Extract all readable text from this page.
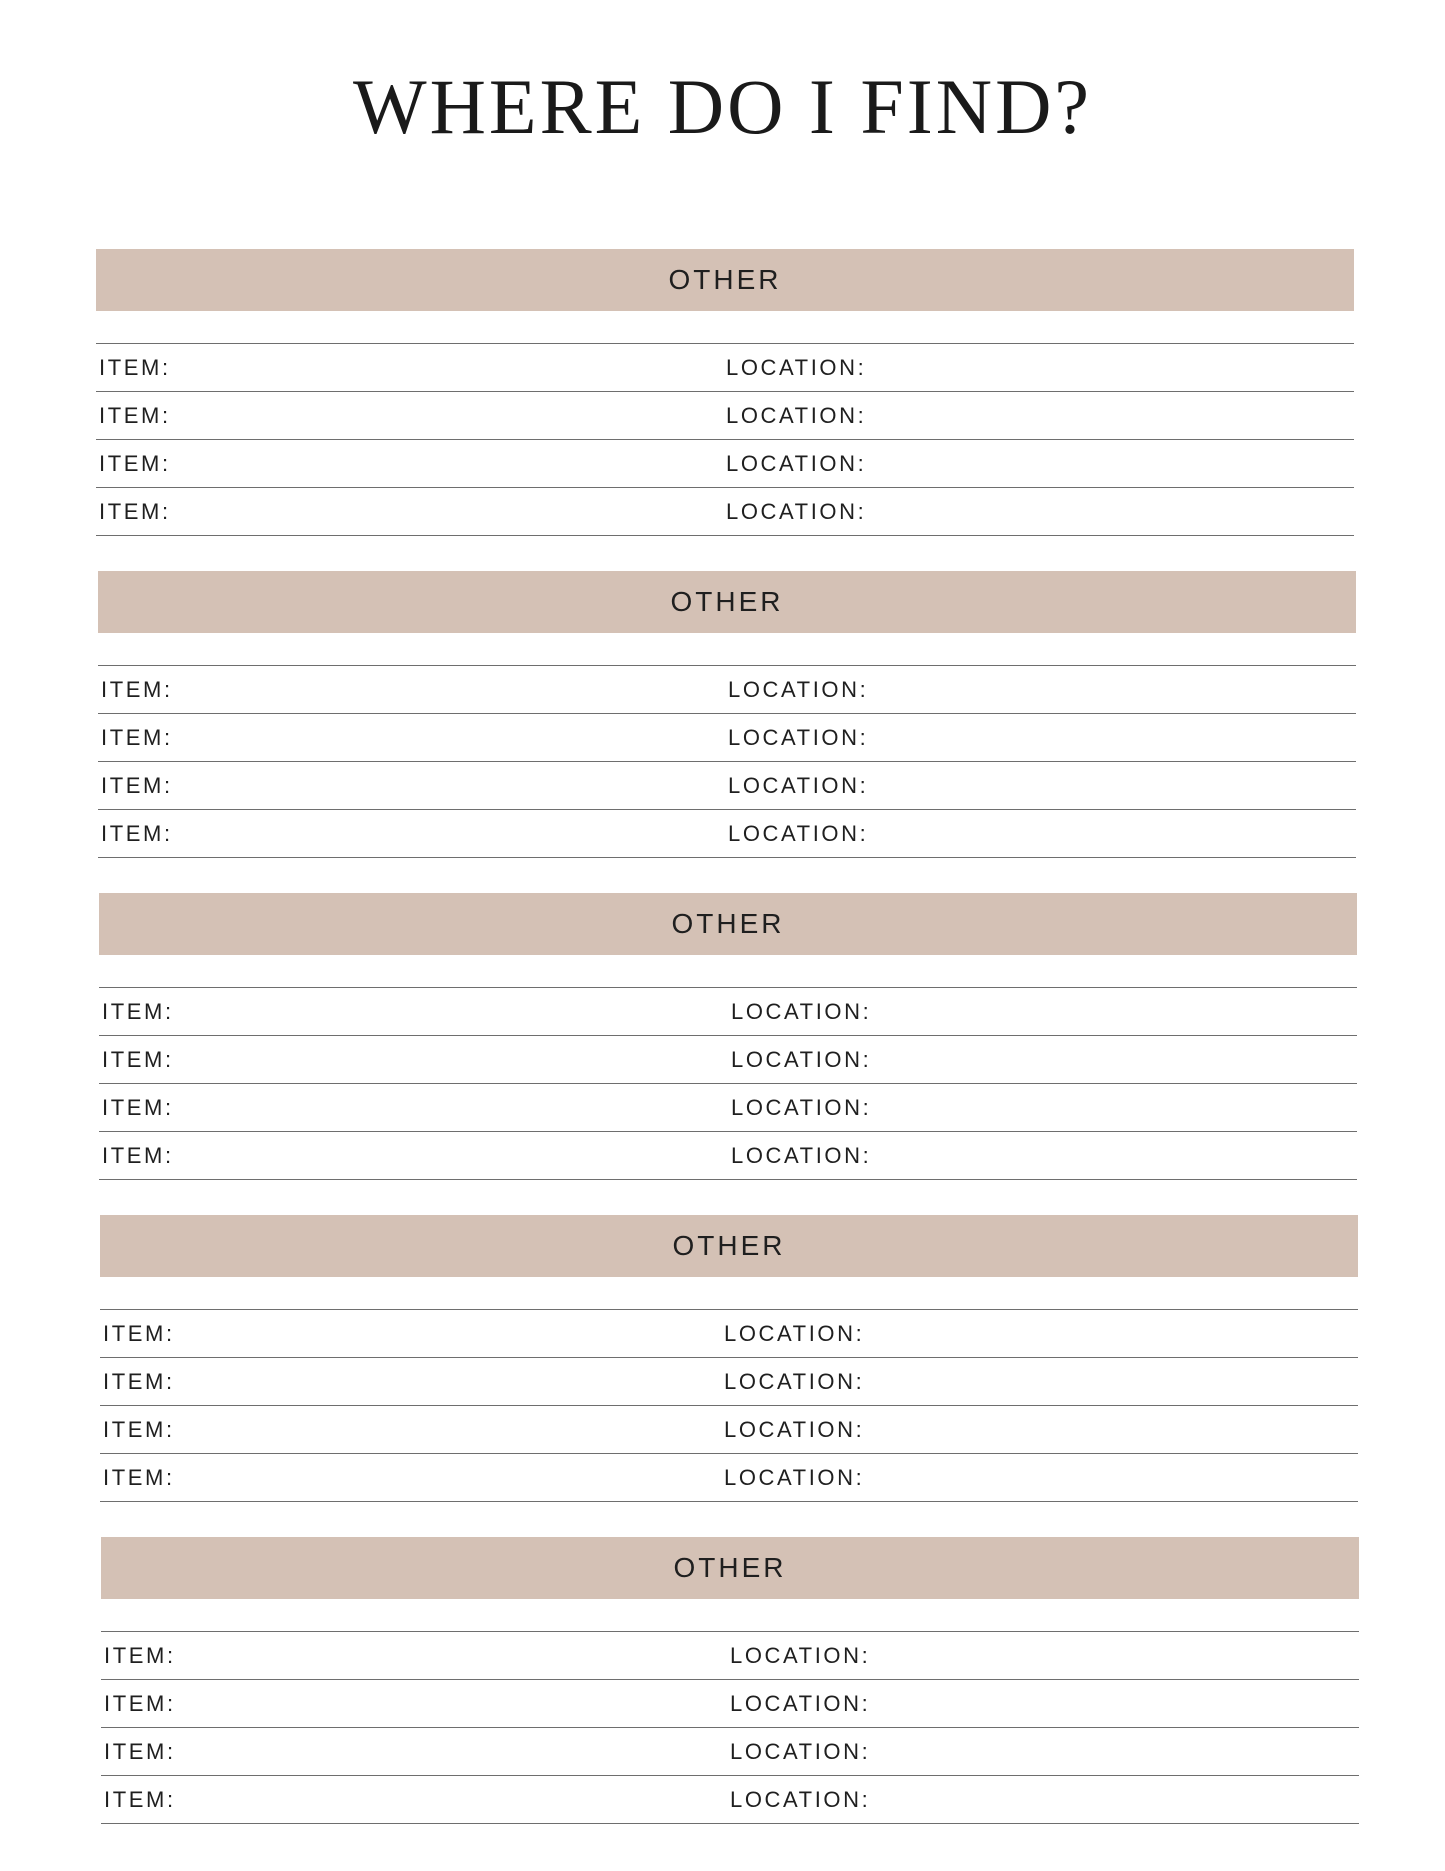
WHERE DO I FIND?
OTHER
ITEM:	LOCATION:
ITEM:	LOCATION:
ITEM:	LOCATION:
ITEM:	LOCATION:
OTHER
ITEM:	LOCATION:
ITEM:	LOCATION:
ITEM:	LOCATION:
ITEM:	LOCATION:
OTHER
ITEM:	LOCATION:
ITEM:	LOCATION:
ITEM:	LOCATION:
ITEM:	LOCATION:
OTHER
ITEM:	LOCATION:
ITEM:	LOCATION:
ITEM:	LOCATION:
ITEM:	LOCATION:
OTHER
ITEM:	LOCATION:
ITEM:	LOCATION:
ITEM:	LOCATION:
ITEM:	LOCATION:
